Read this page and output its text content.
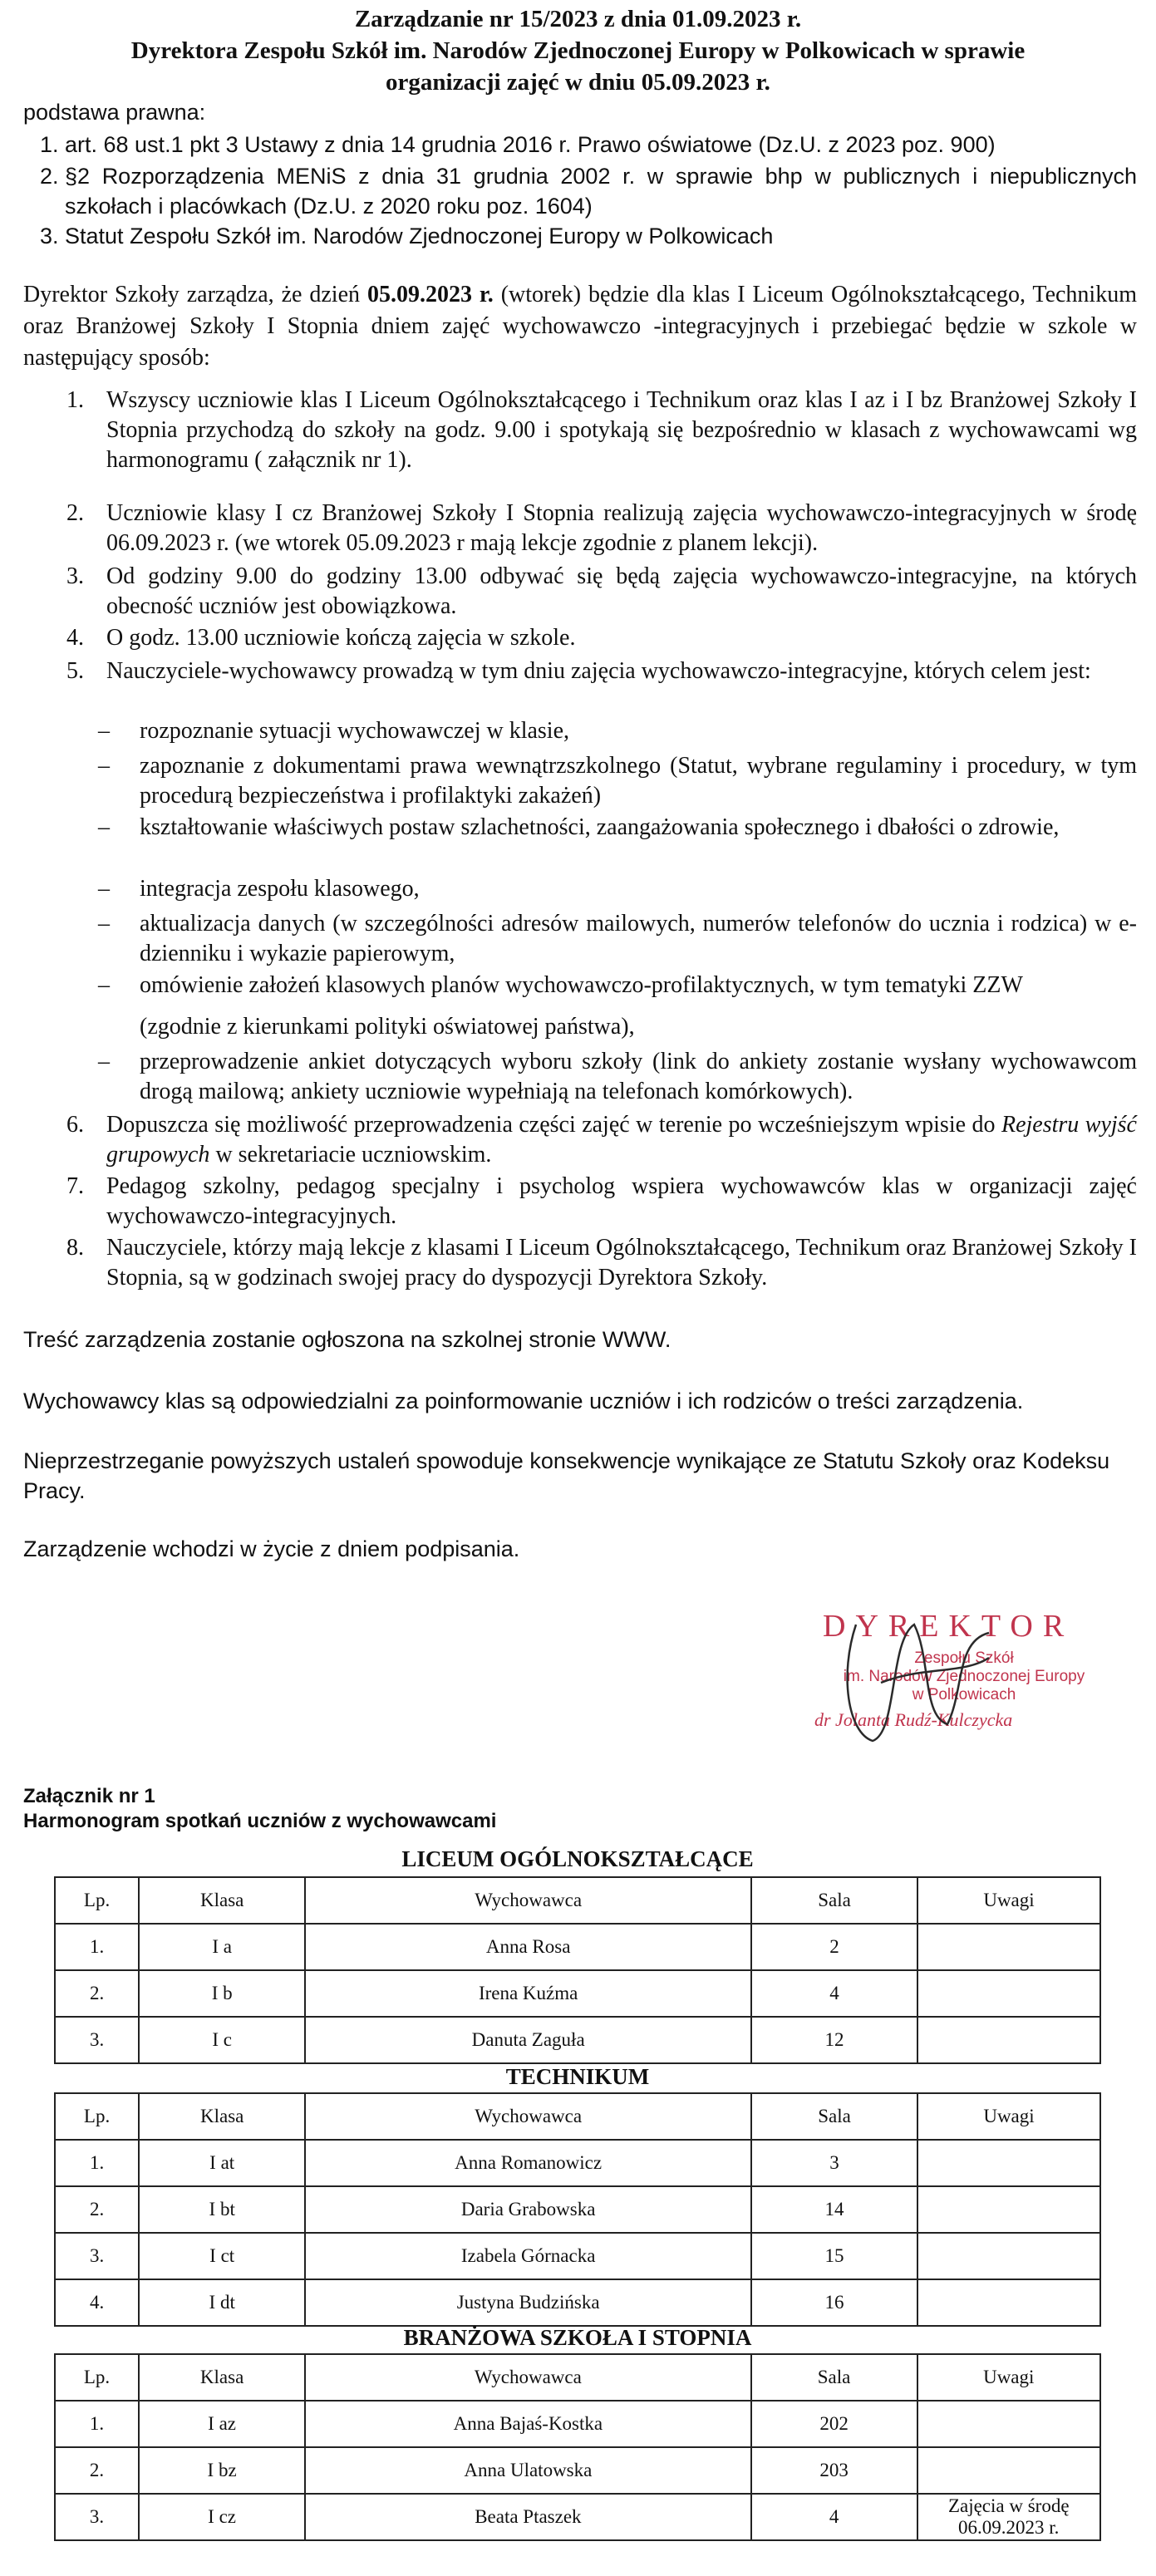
Zarządzanie nr 15/2023 z dnia 01.09.2023 r.
Dyrektora Zespołu Szkół im. Narodów Zjednoczonej Europy w Polkowicach w sprawie
organizacji zajęć w dniu 05.09.2023 r.
podstawa prawna:
1. art. 68 ust.1 pkt 3 Ustawy z dnia 14 grudnia 2016 r. Prawo oświatowe (Dz.U. z 2023 poz. 900)
2. §2 Rozporządzenia MENiS z dnia 31 grudnia 2002 r. w sprawie bhp w publicznych i niepublicznych szkołach i placówkach (Dz.U. z 2020 roku poz. 1604)
3. Statut Zespołu Szkół im. Narodów Zjednoczonej Europy w Polkowicach
Dyrektor Szkoły zarządza, że dzień 05.09.2023 r. (wtorek) będzie dla klas I Liceum Ogólnokształcącego, Technikum oraz Branżowej Szkoły I Stopnia dniem zajęć wychowawczo -integracyjnych i przebiegać będzie w szkole w następujący sposób:
1. Wszyscy uczniowie klas I Liceum Ogólnokształcącego i Technikum oraz klas I az i I bz Branżowej Szkoły I Stopnia przychodzą do szkoły na godz. 9.00 i spotykają się bezpośrednio w klasach z wychowawcami wg harmonogramu ( załącznik nr 1).
2. Uczniowie klasy I cz Branżowej Szkoły I Stopnia realizują zajęcia wychowawczo-integracyjnych w środę 06.09.2023 r. (we wtorek 05.09.2023 r mają lekcje zgodnie z planem lekcji).
3. Od godziny 9.00 do godziny 13.00 odbywać się będą zajęcia wychowawczo-integracyjne, na których obecność uczniów jest obowiązkowa.
4. O godz. 13.00 uczniowie kończą zajęcia w szkole.
5. Nauczyciele-wychowawcy prowadzą w tym dniu zajęcia wychowawczo-integracyjne, których celem jest:
– rozpoznanie sytuacji wychowawczej w klasie,
– zapoznanie z dokumentami prawa wewnątrzszkolnego (Statut, wybrane regulaminy i procedury, w tym procedurą bezpieczeństwa i profilaktyki zakażeń)
– kształtowanie właściwych postaw szlachetności, zaangażowania społecznego i dbałości o zdrowie,
– integracja zespołu klasowego,
– aktualizacja danych (w szczególności adresów mailowych, numerów telefonów do ucznia i rodzica) w e-dzienniku i wykazie papierowym,
– omówienie założeń klasowych planów wychowawczo-profilaktycznych, w tym tematyki ZZW
(zgodnie z kierunkami polityki oświatowej państwa),
– przeprowadzenie ankiet dotyczących wyboru szkoły (link do ankiety zostanie wysłany wychowawcom drogą mailową; ankiety uczniowie wypełniają na telefonach komórkowych).
6. Dopuszcza się możliwość przeprowadzenia części zajęć w terenie po wcześniejszym wpisie do Rejestru wyjść grupowych w sekretariacie uczniowskim.
7. Pedagog szkolny, pedagog specjalny i psycholog wspiera wychowawców klas w organizacji zajęć wychowawczo-integracyjnych.
8. Nauczyciele, którzy mają lekcje z klasami I Liceum Ogólnokształcącego, Technikum oraz Branżowej Szkoły I Stopnia, są w godzinach swojej pracy do dyspozycji Dyrektora Szkoły.
Treść zarządzenia zostanie ogłoszona na szkolnej stronie WWW.
Wychowawcy klas są odpowiedzialni za poinformowanie uczniów i ich rodziców o treści zarządzenia.
Nieprzestrzeganie powyższych ustaleń spowoduje konsekwencje wynikające ze Statutu Szkoły oraz Kodeksu Pracy.
Zarządzenie wchodzi w życie z dniem podpisania.
DYREKTOR
Zespołu Szkół
im. Narodów Zjednoczonej Europy
w Polkowicach
dr Jolanta Rudź-Kulczycka
Załącznik nr 1
Harmonogram spotkań uczniów z wychowawcami
LICEUM OGÓLNOKSZTAŁCĄCE
Lp.	Klasa	Wychowawca	Sala	Uwagi
1.	I a	Anna Rosa	2	
2.	I b	Irena Kuźma	4	
3.	I c	Danuta Zaguła	12	
TECHNIKUM
Lp.	Klasa	Wychowawca	Sala	Uwagi
1.	I at	Anna Romanowicz	3	
2.	I bt	Daria Grabowska	14	
3.	I ct	Izabela Górnacka	15	
4.	I dt	Justyna Budzińska	16	
BRANŻOWA SZKOŁA I STOPNIA
Lp.	Klasa	Wychowawca	Sala	Uwagi
1.	I az	Anna Bajaś-Kostka	202	
2.	I bz	Anna Ulatowska	203	
3.	I cz	Beata Ptaszek	4	Zajęcia w środę 06.09.2023 r.
